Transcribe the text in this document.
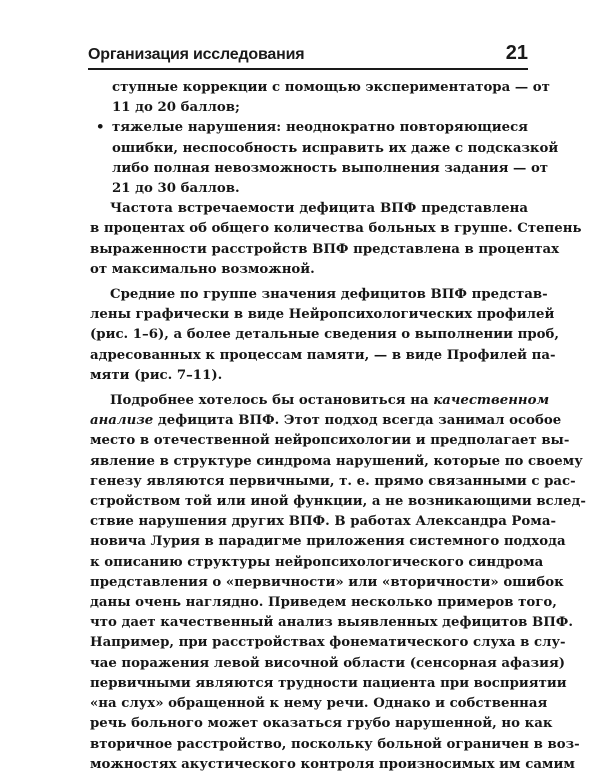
Организация исследования	21
ступные коррекции с помощью экспериментатора — от
11 до 20 баллов;
• тяжелые нарушения: неоднократно повторяющиеся
ошибки, неспособность исправить их даже с подсказкой
либо полная невозможность выполнения задания — от
21 до 30 баллов.
Частота встречаемости дефицита ВПФ представлена
в процентах об общего количества больных в группе. Степень
выраженности расстройств ВПФ представлена в процентах
от максимально возможной.
Средние по группе значения дефицитов ВПФ представ-
лены графически в виде Нейропсихологических профилей
(рис. 1–6), а более детальные сведения о выполнении проб,
адресованных к процессам памяти, — в виде Профилей па-
мяти (рис. 7–11).
Подробнее хотелось бы остановиться на качественном
анализе дефицита ВПФ. Этот подход всегда занимал особое
место в отечественной нейропсихологии и предполагает вы-
явление в структуре синдрома нарушений, которые по своему
генезу являются первичными, т. е. прямо связанными с рас-
стройством той или иной функции, а не возникающими вслед-
ствие нарушения других ВПФ. В работах Александра Рома-
новича Лурия в парадигме приложения системного подхода
к описанию структуры нейропсихологического синдрома
представления о «первичности» или «вторичности» ошибок
даны очень наглядно. Приведем несколько примеров того,
что дает качественный анализ выявленных дефицитов ВПФ.
Например, при расстройствах фонематического слуха в слу-
чае поражения левой височной области (сенсорная афазия)
первичными являются трудности пациента при восприятии
«на слух» обращенной к нему речи. Однако и собственная
речь больного может оказаться грубо нарушенной, но как
вторичное расстройство, поскольку больной ограничен в воз-
можностях акустического контроля произносимых им самим
